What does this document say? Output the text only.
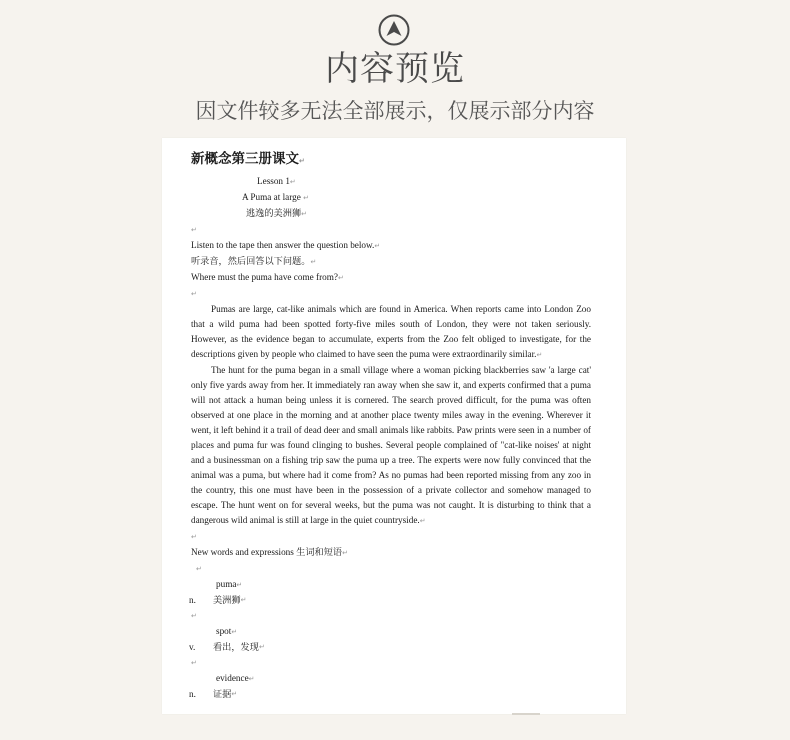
内容预览
因文件较多无法全部展示，仅展示部分内容
新概念第三册课文↵
Lesson 1↵
A Puma at large ↵
逃逸的美洲狮↵
↵
Listen to the tape then answer the question below.↵
听录音，然后回答以下问题。↵
Where must the puma have come from?↵
↵

Pumas are large, cat-like animals which are found in America. When reports came into London Zoo that a wild puma had been spotted forty-five miles south of London, they were not taken seriously. However, as the evidence began to accumulate, experts from the Zoo felt obliged to investigate, for the descriptions given by people who claimed to have seen the puma were extraordinarily similar.↵

The hunt for the puma began in a small village where a woman picking blackberries saw 'a large cat' only five yards away from her. It immediately ran away when she saw it, and experts confirmed that a puma will not attack a human being unless it is cornered. The search proved difficult, for the puma was often observed at one place in the morning and at another place twenty miles away in the evening. Wherever it went, it left behind it a trail of dead deer and small animals like rabbits. Paw prints were seen in a number of places and puma fur was found clinging to bushes. Several people complained of "cat-like noises' at night and a businessman on a fishing trip saw the puma up a tree. The experts were now fully convinced that the animal was a puma, but where had it come from? As no pumas had been reported missing from any zoo in the country, this one must have been in the possession of a private collector and somehow managed to escape. The hunt went on for several weeks, but the puma was not caught. It is disturbing to think that a dangerous wild animal is still at large in the quiet countryside.↵

↵
New words and expressions 生词和短语↵
↵
puma↵
n.	美洲狮 ↵
↵
spot↵
v.	看出，发现 ↵
↵
evidence↵
n.	证据 ↵
